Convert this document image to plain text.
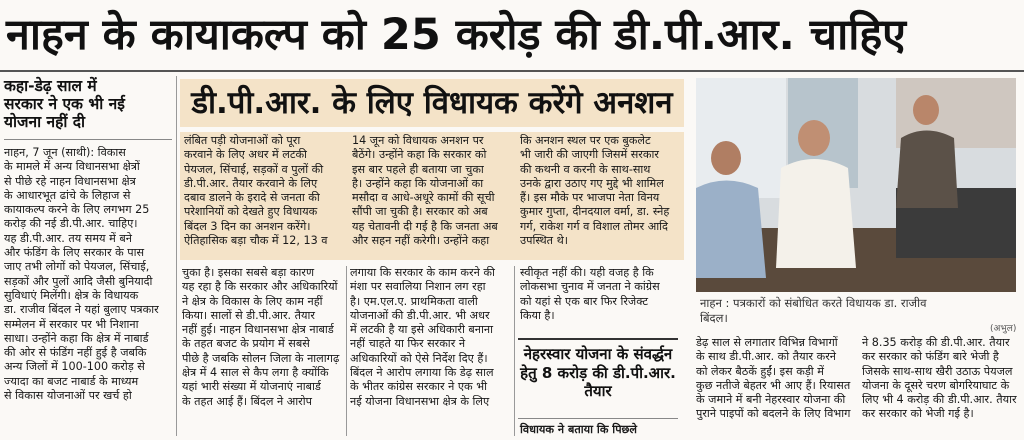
नाहन के कायाकल्प को 25 करोड़ की डी.पी.आर. चाहिए
कहा-डेढ़ साल में
सरकार ने एक भी नई
योजना नहीं दी
नाहन, 7 जून (साथी): विकास
के मामले में अन्य विधानसभा क्षेत्रों
से पीछे रहे नाहन विधानसभा क्षेत्र
के आधारभूत ढांचे के लिहाज से
कायाकल्प करने के लिए लगभग 25
करोड़ की नई डी.पी.आर. चाहिए।
यह डी.पी.आर. तय समय में बने
और फंडिंग के लिए सरकार के पास
जाए तभी लोगों को पेयजल, सिंचाई,
सड़कों और पुलों आदि जैसी बुनियादी
सुविधाएं मिलेंगी। क्षेत्र के विधायक
डा. राजीव बिंदल ने यहां बुलाए पत्रकार
सम्मेलन में सरकार पर भी निशाना
साधा। उन्होंने कहा कि क्षेत्र में नाबार्ड
की ओर से फंडिंग नहीं हुई है जबकि
अन्य जिलों में 100-100 करोड़ से
ज्यादा का बजट नाबार्ड के माध्यम
से विकास योजनाओं पर खर्च हो
डी.पी.आर. के लिए विधायक करेंगे अनशन
लंबित पड़ी योजनाओं को पूरा
करवाने के लिए अधर में लटकी
पेयजल, सिंचाई, सड़कों व पुलों की
डी.पी.आर. तैयार करवाने के लिए
दबाव डालने के इरादे से जनता की
परेशानियों को देखते हुए विधायक
बिंदल 3 दिन का अनशन करेंगे।
ऐतिहासिक बड़ा चौक में 12, 13 व
14 जून को विधायक अनशन पर
बैठेंगे। उन्होंने कहा कि सरकार को
इस बार पहले ही बताया जा चुका
है। उन्होंने कहा कि योजनाओं का
मसौदा व आधे-अधूरे कामों की सूची
सौंपी जा चुकी है। सरकार को अब
यह चेतावनी दी गई है कि जनता अब
और सहन नहीं करेगी। उन्होंने कहा
कि अनशन स्थल पर एक बुकलेट
भी जारी की जाएगी जिसमें सरकार
की कथनी व करनी के साथ-साथ
उनके द्वारा उठाए गए मुद्दे भी शामिल
हैं। इस मौके पर भाजपा नेता विनय
कुमार गुप्ता, दीनदयाल वर्मा, डा. स्नेह
गर्ग, राकेश गर्ग व विशाल तोमर आदि
उपस्थित थे।
चुका है। इसका सबसे बड़ा कारण
यह रहा है कि सरकार और अधिकारियों
ने क्षेत्र के विकास के लिए काम नहीं
किया। सालों से डी.पी.आर. तैयार
नहीं हुई। नाहन विधानसभा क्षेत्र नाबार्ड
के तहत बजट के प्रयोग में सबसे
पीछे है जबकि सोलन जिला के नालागढ़
क्षेत्र में 4 साल से कैप लगा है क्योंकि
यहां भारी संख्या में योजनाएं नाबार्ड
के तहत आई हैं। बिंदल ने आरोप
लगाया कि सरकार के काम करने की
मंशा पर सवालिया निशान लग रहा
है। एम.एल.ए. प्राथमिकता वाली
योजनाओं की डी.पी.आर. भी अधर
में लटकी है या इसे अधिकारी बनाना
नहीं चाहते या फिर सरकार ने
अधिकारियों को ऐसे निर्देश दिए हैं।
बिंदल ने आरोप लगाया कि डेढ़ साल
के भीतर कांग्रेस सरकार ने एक भी
नई योजना विधानसभा क्षेत्र के लिए
स्वीकृत नहीं की। यही वजह है कि
लोकसभा चुनाव में जनता ने कांग्रेस
को यहां से एक बार फिर रिजेक्ट
किया है।
नेहरस्वार योजना के संवर्द्धन हेतु 8 करोड़ की डी.पी.आर. तैयार
विधायक ने बताया कि पिछले
नाहन : पत्रकारों को संबोधित करते विधायक डा. राजीव
बिंदल।
(अभुल)
डेढ़ साल से लगातार विभिन्न विभागों
के साथ डी.पी.आर. को तैयार करने
को लेकर बैठकें हुईं। इस कड़ी में
कुछ नतीजे बेहतर भी आए हैं। रियासत
के जमाने में बनी नेहरस्वार योजना की
पुराने पाइपों को बदलने के लिए विभाग
ने 8.35 करोड़ की डी.पी.आर. तैयार
कर सरकार को फंडिंग बारे भेजी है
जिसके साथ-साथ खैरी उठाऊ पेयजल
योजना के दूसरे चरण बोगरियाघाट के
लिए भी 4 करोड़ की डी.पी.आर. तैयार
कर सरकार को भेजी गई है।
